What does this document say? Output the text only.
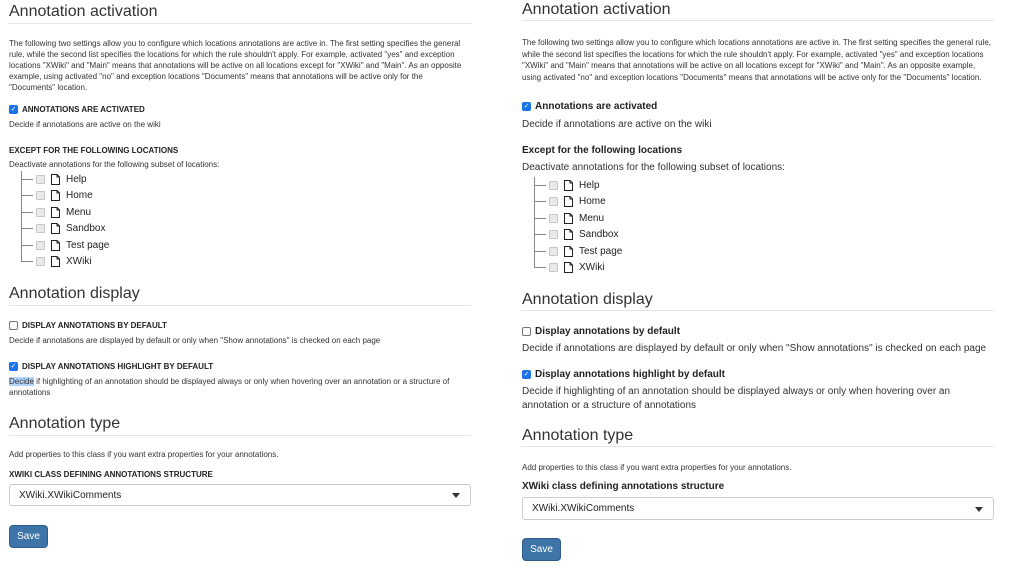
Annotation activation

The following two settings allow you to configure which locations annotations are active in. The first setting specifies the general rule, while the second list specifies the locations for which the rule shouldn't apply. For example, activated "yes" and exception locations "XWiki" and "Main" means that annotations will be active on all locations except for "XWiki" and "Main". As an opposite example, using activated "no" and exception locations "Documents" means that annotations will be active only for the "Documents" location.

✓ ANNOTATIONS ARE ACTIVATED

Decide if annotations are active on the wiki

EXCEPT FOR THE FOLLOWING LOCATIONS

Deactivate annotations for the following subset of locations:

Help
Home
Menu
Sandbox
Test page
XWiki
Annotation display
DISPLAY ANNOTATIONS BY DEFAULT

Decide if annotations are displayed by default or only when "Show annotations" is checked on each page

✓ DISPLAY ANNOTATIONS HIGHLIGHT BY DEFAULT

Decide if highlighting of an annotation should be displayed always or only when hovering over an annotation or a structure of annotations

Annotation type

Add properties to this class if you want extra properties for your annotations.

XWIKI CLASS DEFINING ANNOTATIONS STRUCTURE

XWiki.XWikiComments
Save
Annotation activation

The following two settings allow you to configure which locations annotations are active in. The first setting specifies the general rule, while the second list specifies the locations for which the rule shouldn't apply. For example, activated "yes" and exception locations "XWiki" and "Main" means that annotations will be active on all locations except for "XWiki" and "Main". As an opposite example, using activated "no" and exception locations "Documents" means that annotations will be active only for the "Documents" location.

✓ Annotations are activated

Decide if annotations are active on the wiki

Except for the following locations

Deactivate annotations for the following subset of locations:

Help
Home
Menu
Sandbox
Test page
XWiki
Annotation display
Display annotations by default

Decide if annotations are displayed by default or only when "Show annotations" is checked on each page

✓ Display annotations highlight by default

Decide if highlighting of an annotation should be displayed always or only when hovering over an annotation or a structure of annotations

Annotation type

Add properties to this class if you want extra properties for your annotations.

XWiki class defining annotations structure

XWiki.XWikiComments
Save
